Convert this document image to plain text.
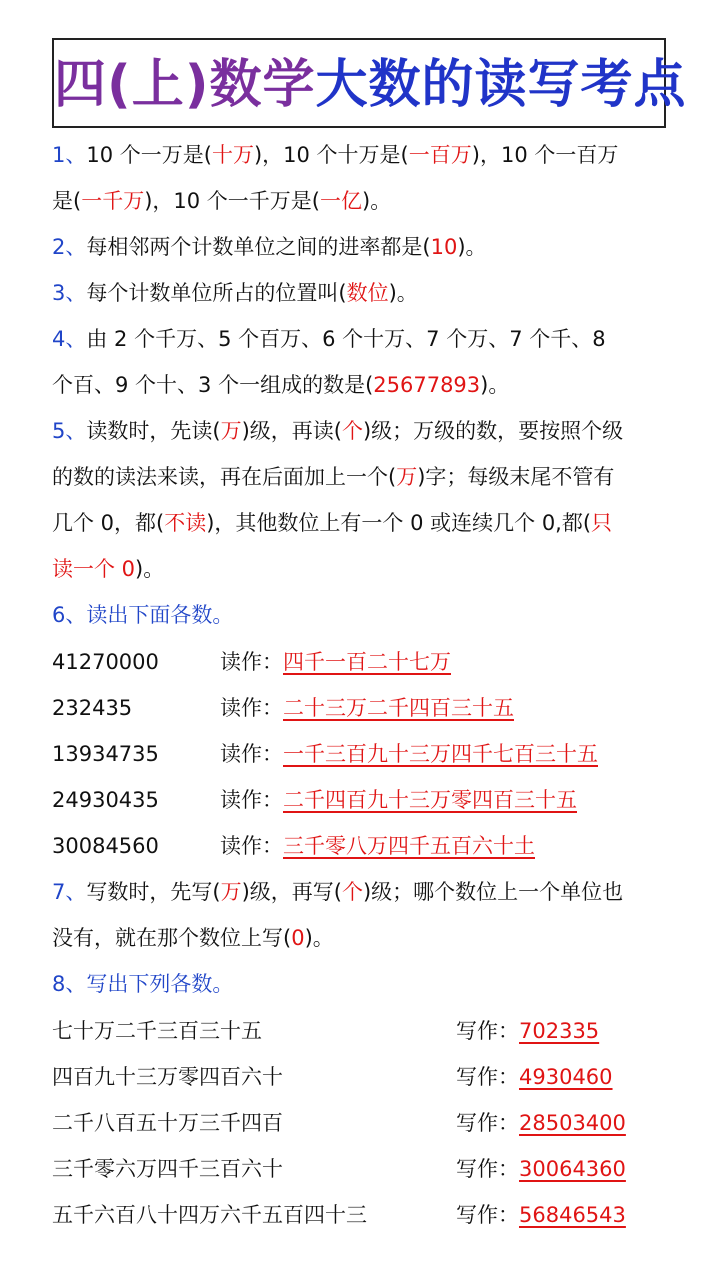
四(上)数学大数的读写考点
1、10 个一万是(十万)，10 个十万是(一百万)，10 个一百万
是(一千万)，10 个一千万是(一亿)。
2、每相邻两个计数单位之间的进率都是(10)。
3、每个计数单位所占的位置叫(数位)。
4、由 2 个千万、5 个百万、6 个十万、7 个万、7 个千、8
个百、9 个十、3 个一组成的数是(25677893)。
5、读数时，先读(万)级，再读(个)级；万级的数，要按照个级
的数的读法来读，再在后面加上一个(万)字；每级末尾不管有
几个 0，都(不读)，其他数位上有一个 0 或连续几个 0,都(只
读一个 0)。
6、读出下面各数。
41270000	读作：四千一百二十七万
232435	读作：二十三万二千四百三十五
13934735	读作：一千三百九十三万四千七百三十五
24930435	读作：二千四百九十三万零四百三十五
30084560	读作：三千零八万四千五百六十土
7、写数时，先写(万)级，再写(个)级；哪个数位上一个单位也
没有，就在那个数位上写(0)。
8、写出下列各数。
七十万二千三百三十五	写作：702335
四百九十三万零四百六十	写作：4930460
二千八百五十万三千四百	写作：28503400
三千零六万四千三百六十	写作：30064360
五千六百八十四万六千五百四十三	写作：56846543
